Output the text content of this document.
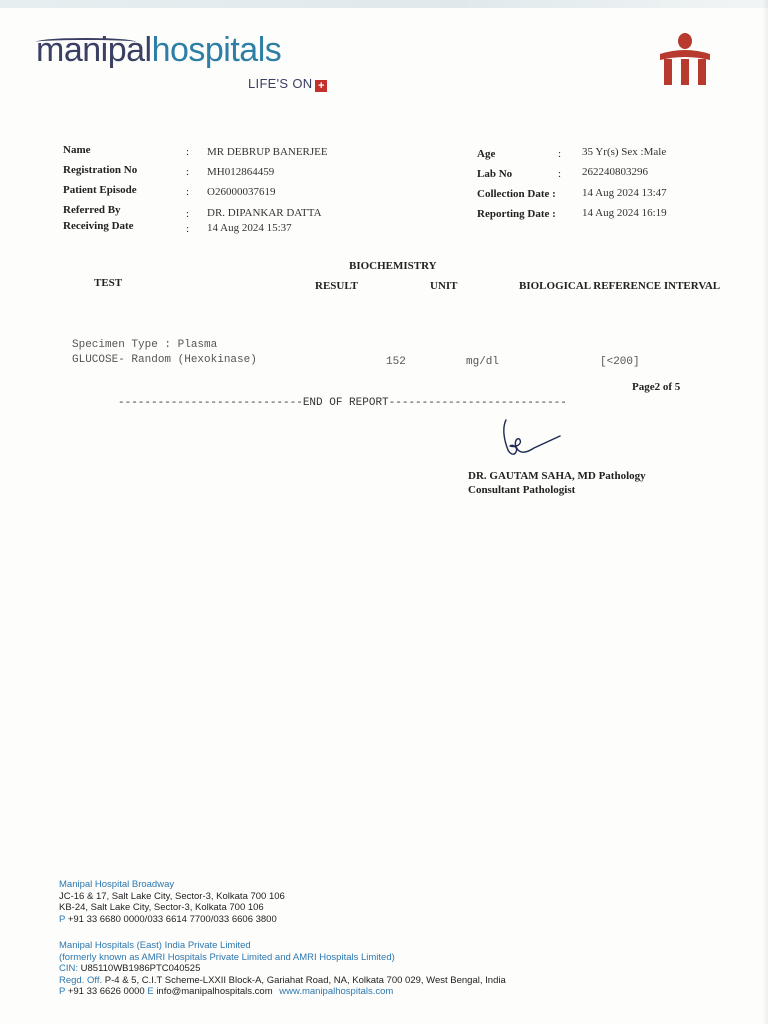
manipalhospitals
LIFE'S ON +
Name	: MR DEBRUP BANERJEE
Registration No	: MH012864459
Patient Episode	: O26000037619
Referred By	: DR. DIPANKAR DATTA
Receiving Date	: 14 Aug 2024 15:37
Age	: 35 Yr(s) Sex :Male
Lab No	: 262240803296
Collection Date : 14 Aug 2024 13:47
Reporting Date : 14 Aug 2024 16:19
BIOCHEMISTRY
TEST	RESULT	UNIT	BIOLOGICAL REFERENCE INTERVAL
Specimen Type : Plasma
GLUCOSE- Random (Hexokinase)	152	mg/dl	[<200]
Page2 of 5
----------------------------END OF REPORT---------------------------
DR. GAUTAM SAHA, MD Pathology
Consultant Pathologist
Manipal Hospital Broadway
JC-16 & 17, Salt Lake City, Sector-3, Kolkata 700 106
KB-24, Salt Lake City, Sector-3, Kolkata 700 106
P +91 33 6680 0000/033 6614 7700/033 6606 3800
Manipal Hospitals (East) India Private Limited
(formerly known as AMRI Hospitals Private Limited and AMRI Hospitals Limited)
CIN: U85110WB1986PTC040525
Regd. Off. P-4 & 5, C.I.T Scheme-LXXII Block-A, Gariahat Road, NA, Kolkata 700 029, West Bengal, India
P +91 33 6626 0000 E info@manipalhospitals.com www.manipalhospitals.com
